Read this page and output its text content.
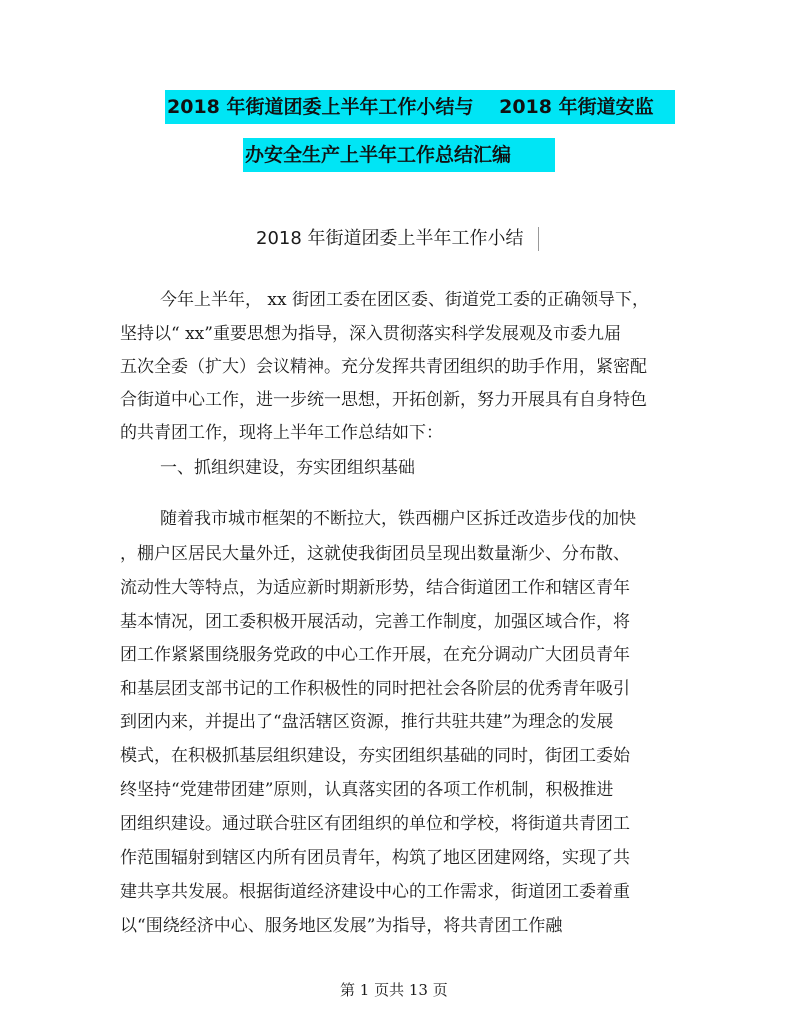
2018 年街道团委上半年工作小结与　 2018 年街道安监
办安全生产上半年工作总结汇编
2018 年街道团委上半年工作小结
今年上半年， xx 街团工委在团区委、街道党工委的正确领导下，
坚持以“ xx”重要思想为指导，深入贯彻落实科学发展观及市委九届
五次全委（扩大）会议精神。充分发挥共青团组织的助手作用，紧密配
合街道中心工作，进一步统一思想，开拓创新，努力开展具有自身特色
的共青团工作，现将上半年工作总结如下：
一、抓组织建设，夯实团组织基础
随着我市城市框架的不断拉大，铁西棚户区拆迁改造步伐的加快
，棚户区居民大量外迁，这就使我街团员呈现出数量渐少、分布散、
流动性大等特点，为适应新时期新形势，结合街道团工作和辖区青年
基本情况，团工委积极开展活动，完善工作制度，加强区域合作，将
团工作紧紧围绕服务党政的中心工作开展，在充分调动广大团员青年
和基层团支部书记的工作积极性的同时把社会各阶层的优秀青年吸引
到团内来，并提出了“盘活辖区资源，推行共驻共建”为理念的发展
模式，在积极抓基层组织建设，夯实团组织基础的同时，街团工委始
终坚持“党建带团建”原则，认真落实团的各项工作机制，积极推进
团组织建设。通过联合驻区有团组织的单位和学校，将街道共青团工
作范围辐射到辖区内所有团员青年，构筑了地区团建网络，实现了共
建共享共发展。根据街道经济建设中心的工作需求，街道团工委着重
以“围绕经济中心、服务地区发展”为指导，将共青团工作融
第 1 页共 13 页
